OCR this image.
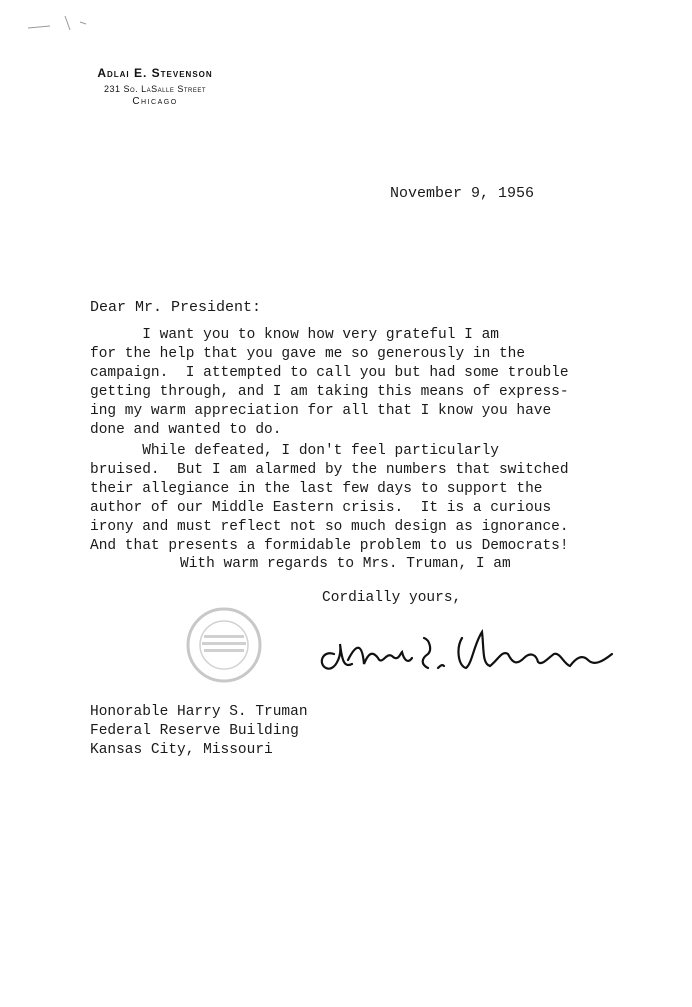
Adlai E. Stevenson
231 So. LaSalle Street
Chicago
November 9, 1956
Dear Mr. President:
I want you to know how very grateful I am
for the help that you gave me so generously in the
campaign.  I attempted to call you but had some trouble
getting through, and I am taking this means of express-
ing my warm appreciation for all that I know you have
done and wanted to do.
While defeated, I don't feel particularly
bruised.  But I am alarmed by the numbers that switched
their allegiance in the last few days to support the
author of our Middle Eastern crisis.  It is a curious
irony and must reflect not so much design as ignorance.
And that presents a formidable problem to us Democrats!
With warm regards to Mrs. Truman, I am
Cordially yours,
Honorable Harry S. Truman
Federal Reserve Building
Kansas City, Missouri
